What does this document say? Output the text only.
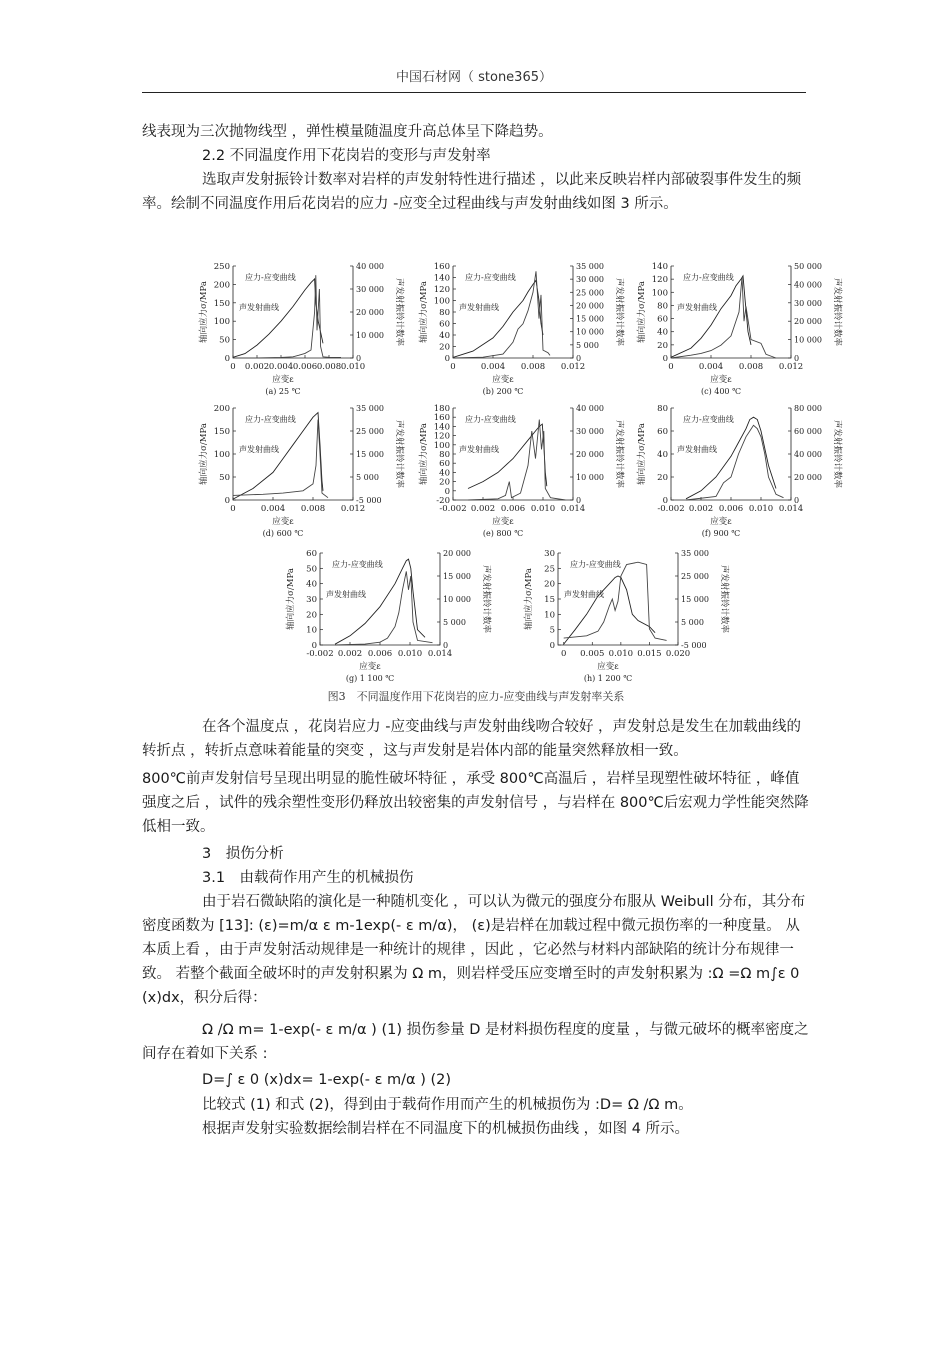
中国石材网（ stone365）

线表现为三次抛物线型 ，弹性模量随温度升高总体呈下降趋势。

2.2 不同温度作用下花岗岩的变形与声发射率

选取声发射振铃计数率对岩样的声发射特性进行描述 ，以此来反映岩样内部破裂事件发生的频率。绘制不同温度作用后花岗岩的应力 -应变全过程曲线与声发射曲线如图 3 所示。

0 0.002 0.004 0.006 0.008 0.010
0
50
100
150
200
250
0
10 000
20 000
30 000
40 000
应力-应变曲线
声发射曲线
轴向应力σ/MPa	声发射振铃计数率
应变ε
(a) 25 ℃
0	0.004 0.008 0.012
0
20
40
60
80
100
120
140
160
0
5 000
10 000
15 000
20 000
25 000
30 000
35 000
应力-应变曲线
声发射曲线
轴向应力σ/MPa	声发射振铃计数率
应变ε
(b) 200 ℃
0	0.004 0.008 0.012
0
20
40
60
80
100
120
140
0
10 000
20 000
30 000
40 000
50 000
应力-应变曲线
声发射曲线
轴向应力σ/MPa	声发射振铃计数率
应变ε
(c) 400 ℃
0	0.004 0.008 0.012
0
50
100
150
200
-5 000
5 000
15 000
25 000
35 000
应力-应变曲线
声发射曲线
轴向应力σ/MPa	声发射振铃计数率
应变ε
(d) 600 ℃
-0.002 0.002 0.006 0.010 0.014
-20
0
20
40
60
80
100
120
140
160
180
0
10 000
20 000
30 000
40 000
应力-应变曲线
声发射曲线
轴向应力σ/MPa	声发射振铃计数率
应变ε
(e) 800 ℃
-0.002 0.002 0.006 0.010 0.014
0
20
40
60
80
0
20 000
40 000
60 000
80 000
应力-应变曲线
声发射曲线
轴向应力σ/MPa	声发射振铃计数率
应变ε
(f) 900 ℃
-0.002 0.002 0.006 0.010 0.014
0
10
20
30
40
50
60
0
5 000
10 000
15 000
20 000
应力-应变曲线
声发射曲线
轴向应力σ/MPa	声发射振铃计数率
应变ε
(g) 1 100 ℃
0 0.005 0.010 0.015 0.020
0
5
10
15
20
25
30
-5 000
5 000
15 000
25 000
35 000
应力-应变曲线
声发射曲线
轴向应力σ/MPa	声发射振铃计数率
应变ε
(h) 1 200 ℃
图3　不同温度作用下花岗岩的应力-应变曲线与声发射率关系

在各个温度点 ，花岗岩应力 -应变曲线与声发射曲线吻合较好 ，声发射总是发生在加载曲线的转折点 ，转折点意味着能量的突变 ，这与声发射是岩体内部的能量突然释放相一致。

800℃前声发射信号呈现出明显的脆性破坏特征 ，承受 800℃高温后 ，岩样呈现塑性破坏特征 ，峰值强度之后 ，试件的残余塑性变形仍释放出较密集的声发射信号 ，与岩样在 800℃后宏观力学性能突然降低相一致。

3　损伤分析

3.1　由载荷作用产生的机械损伤

由于岩石微缺陷的演化是一种随机变化 ，可以认为微元的强度分布服从 Weibull 分布，其分布密度函数为 [13]: (ε)=m/α ε m-1exp(- ε m/α)， (ε)是岩样在加载过程中微元损伤率的一种度量。 从本质上看 ，由于声发射活动规律是一种统计的规律 ，因此 ，它必然与材料内部缺陷的统计分布规律一致。 若整个截面全破坏时的声发射积累为 Ω m，则岩样受压应变增至时的声发射积累为 :Ω =Ω m∫ε 0 (x)dx，积分后得：

Ω /Ω m= 1-exp(- ε m/α ) (1) 损伤参量 D 是材料损伤程度的度量 ，与微元破坏的概率密度之间存在着如下关系 :

D=∫ ε 0 (x)dx= 1-exp(- ε m/α ) (2)

比较式 (1) 和式 (2)，得到由于载荷作用而产生的机械损伤为 :D= Ω /Ω m。

根据声发射实验数据绘制岩样在不同温度下的机械损伤曲线 ，如图 4 所示。
